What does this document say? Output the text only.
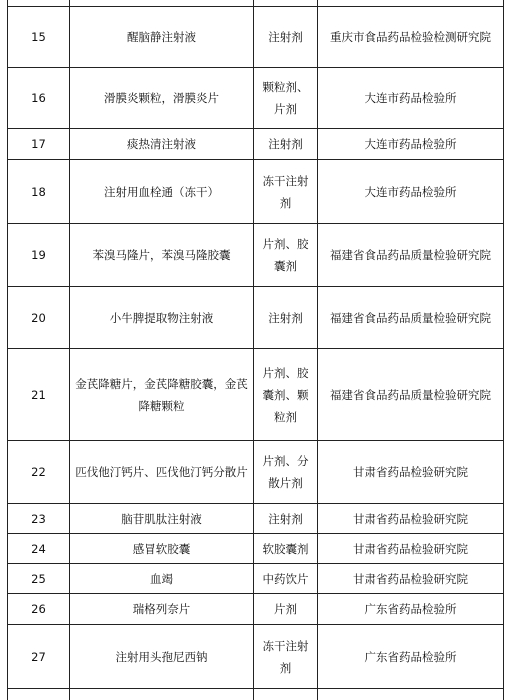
15	醒脑静注射液	注射剂	重庆市食品药品检验检测研究院
16	滑膜炎颗粒，滑膜炎片	颗粒剂、片剂	大连市药品检验所
17	痰热清注射液	注射剂	大连市药品检验所
18	注射用血栓通（冻干）	冻干注射剂	大连市药品检验所
19	苯溴马隆片，苯溴马隆胶囊	片剂、胶囊剂	福建省食品药品质量检验研究院
20	小牛脾提取物注射液	注射剂	福建省食品药品质量检验研究院
21	金芪降糖片，金芪降糖胶囊，金芪降糖颗粒	片剂、胶囊剂、颗粒剂	福建省食品药品质量检验研究院
22	匹伐他汀钙片、匹伐他汀钙分散片	片剂、分散片剂	甘肃省药品检验研究院
23	脑苷肌肽注射液	注射剂	甘肃省药品检验研究院
24	感冒软胶囊	软胶囊剂	甘肃省药品检验研究院
25	血竭	中药饮片	甘肃省药品检验研究院
26	瑞格列奈片	片剂	广东省药品检验所
27	注射用头孢尼西钠	冻干注射剂	广东省药品检验所
